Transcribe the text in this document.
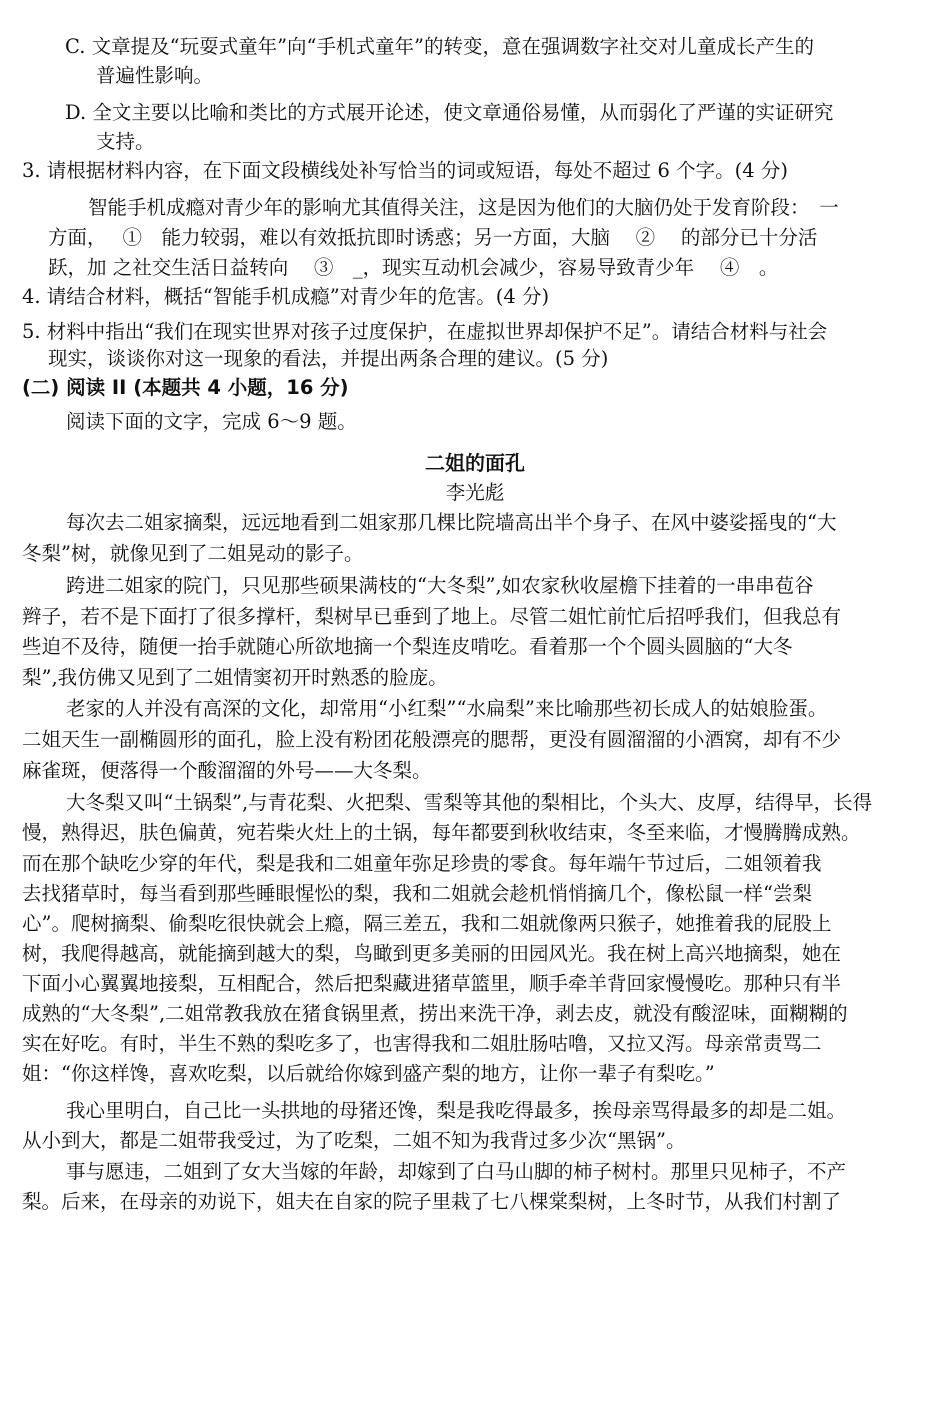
C. 文章提及“玩耍式童年”向“手机式童年”的转变，意在强调数字社交对儿童成长产生的
普遍性影响。
D. 全文主要以比喻和类比的方式展开论述，使文章通俗易懂，从而弱化了严谨的实证研究
支持。
3. 请根据材料内容，在下面文段横线处补写恰当的词或短语，每处不超过 6 个字。(4 分)
智能手机成瘾对青少年的影响尤其值得关注，这是因为他们的大脑仍处于发育阶段：　一
方面，　 ①　能力较弱，难以有效抵抗即时诱惑；另一方面，大脑　 ②　 的部分已十分活
跃，加 之社交生活日益转向　 ③　_，现实互动机会减少，容易导致青少年　 ④　。
4. 请结合材料，概括“智能手机成瘾”对青少年的危害。(4 分)
5. 材料中指出“我们在现实世界对孩子过度保护，在虚拟世界却保护不足”。请结合材料与社会
现实，谈谈你对这一现象的看法，并提出两条合理的建议。(5 分)
(二) 阅读 II (本题共 4 小题，16 分)
阅读下面的文字，完成 6～9 题。
二姐的面孔
李光彪
每次去二姐家摘梨，远远地看到二姐家那几棵比院墙高出半个身子、在风中婆娑摇曳的“大
冬梨”树，就像见到了二姐晃动的影子。
跨进二姐家的院门，只见那些硕果满枝的“大冬梨”,如农家秋收屋檐下挂着的一串串苞谷
辫子，若不是下面打了很多撑杆，梨树早已垂到了地上。尽管二姐忙前忙后招呼我们，但我总有
些迫不及待，随便一抬手就随心所欲地摘一个梨连皮啃吃。看着那一个个圆头圆脑的“大冬
梨”,我仿佛又见到了二姐情窦初开时熟悉的脸庞。
老家的人并没有高深的文化，却常用“小红梨”“水扁梨”来比喻那些初长成人的姑娘脸蛋。
二姐天生一副椭圆形的面孔，脸上没有粉团花般漂亮的腮帮，更没有圆溜溜的小酒窝，却有不少
麻雀斑，便落得一个酸溜溜的外号——大冬梨。
大冬梨又叫“土锅梨”,与青花梨、火把梨、雪梨等其他的梨相比，个头大、皮厚，结得早，长得
慢，熟得迟，肤色偏黄，宛若柴火灶上的土锅，每年都要到秋收结束，冬至来临，才慢腾腾成熟。
而在那个缺吃少穿的年代，梨是我和二姐童年弥足珍贵的零食。每年端午节过后，二姐领着我
去找猪草时，每当看到那些睡眼惺忪的梨，我和二姐就会趁机悄悄摘几个，像松鼠一样“尝梨
心”。爬树摘梨、偷梨吃很快就会上瘾，隔三差五，我和二姐就像两只猴子，她推着我的屁股上
树，我爬得越高，就能摘到越大的梨，鸟瞰到更多美丽的田园风光。我在树上高兴地摘梨，她在
下面小心翼翼地接梨，互相配合，然后把梨藏进猪草篮里，顺手牵羊背回家慢慢吃。那种只有半
成熟的“大冬梨”,二姐常教我放在猪食锅里煮，捞出来洗干净，剥去皮，就没有酸涩味，面糊糊的
实在好吃。有时，半生不熟的梨吃多了，也害得我和二姐肚肠咕噜，又拉又泻。母亲常责骂二
姐：“你这样馋，喜欢吃梨，以后就给你嫁到盛产梨的地方，让你一辈子有梨吃。”
我心里明白，自己比一头拱地的母猪还馋，梨是我吃得最多，挨母亲骂得最多的却是二姐。
从小到大，都是二姐带我受过，为了吃梨，二姐不知为我背过多少次“黑锅”。
事与愿违，二姐到了女大当嫁的年龄，却嫁到了白马山脚的柿子树村。那里只见柿子，不产
梨。后来，在母亲的劝说下，姐夫在自家的院子里栽了七八棵棠梨树，上冬时节，从我们村割了
